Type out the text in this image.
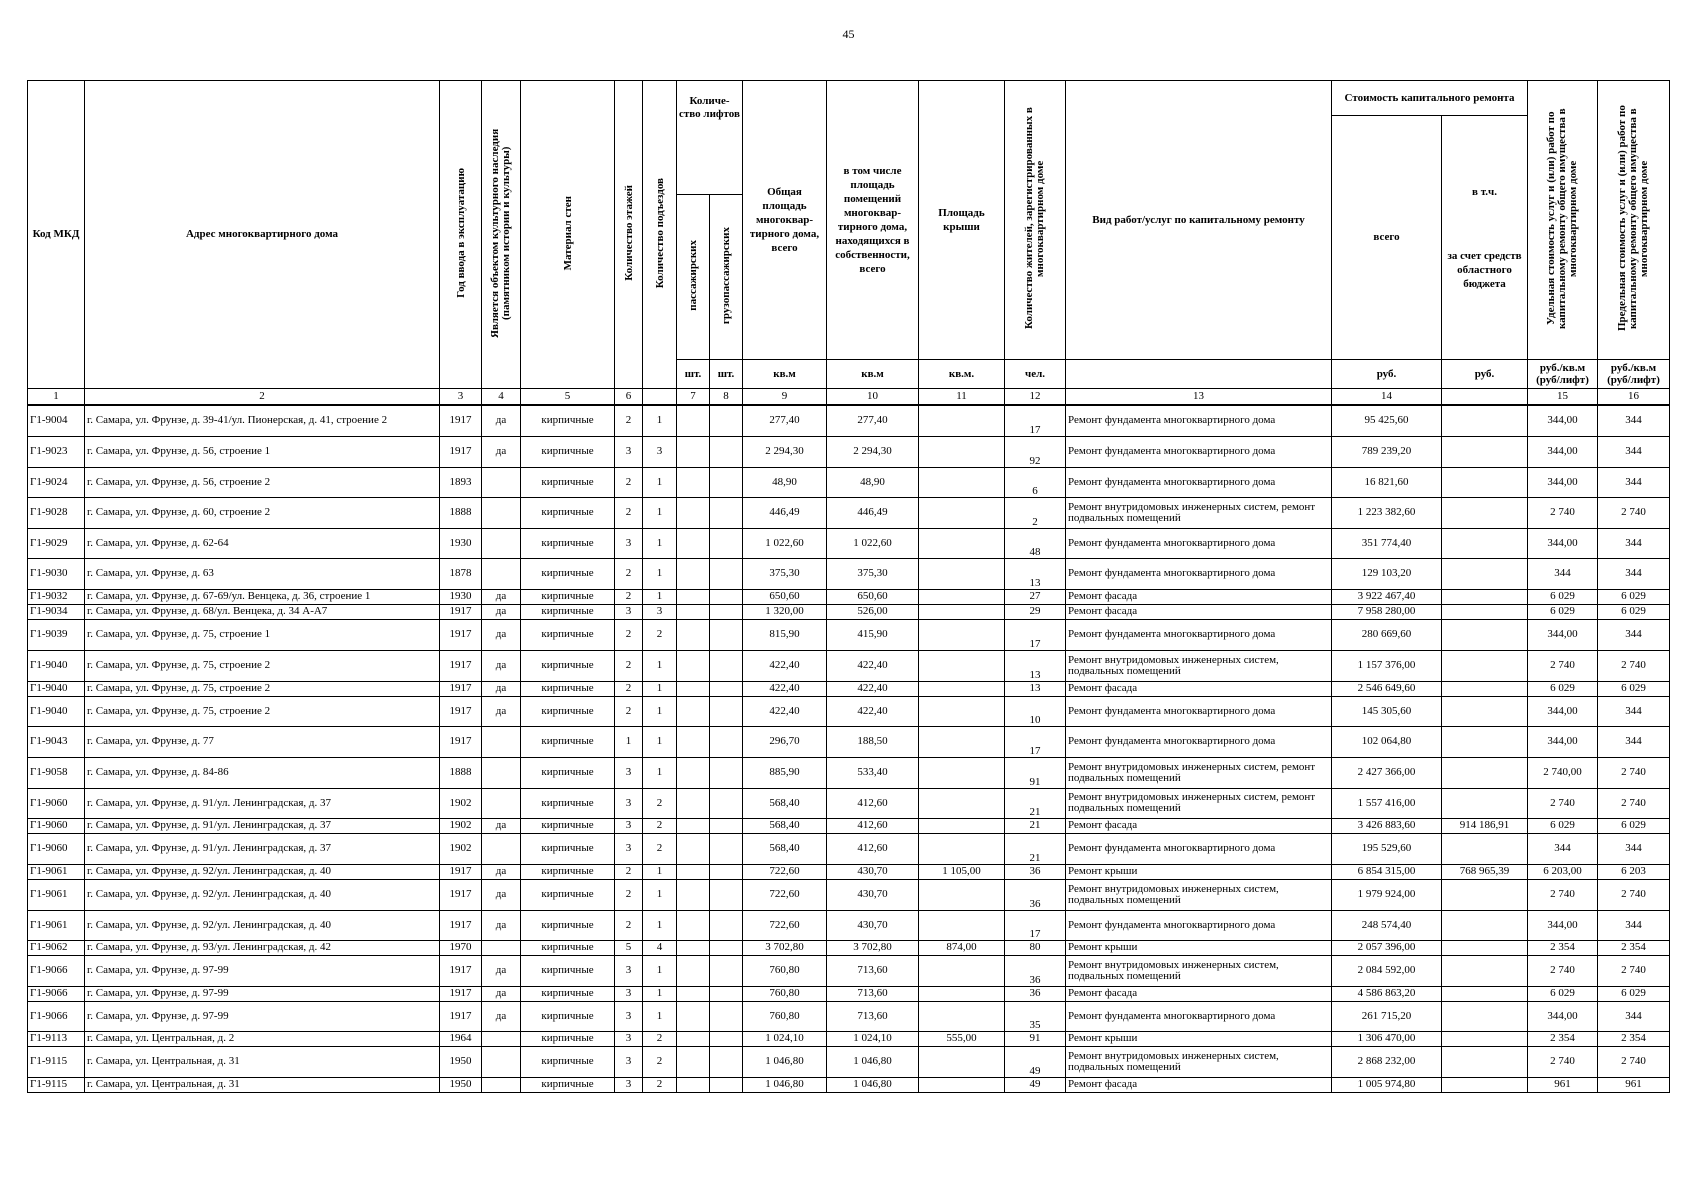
45
Код МКД	Адрес многоквартирного дома	Год ввода в эксплуатацию	Является объектом культурного наследия (памятником истории и культуры)	Материал стен	Количество этажей	Количество подъездов	Количе-ство лифтов		Общая площадь многоквар-тирного дома, всего	в том числе площадь помещений многоквар-тирного дома, находящихся в собственности, всего	Площадь крыши	Количество жителей, зарегистрированных в многоквартирном доме	Вид работ/услуг по капитальному ремонту	Стоимость капитального ремонта		Удельная стоимость услуг и (или) работ по капитальному ремонту общего имущества в многоквартирном доме	Предельная стоимость услуг и (или) работ по капитальному ремонту общего имущества в многоквартирном доме
														всего	в т.ч.
за счет средств областного бюджета		

							пассажирских	грузопассажирских									
							шт.	шт.	кв.м	кв.м	кв.м.	чел.		руб.	руб.	руб./кв.м (руб/лифт)	руб./кв.м (руб/лифт)
1	2	3	4	5	6		7	8	9	10	11	12	13	14		15	16
Г1-9004	г. Самара, ул. Фрунзе, д. 39-41/ул. Пионерская, д. 41, строение 2	1917	да	кирпичные	2	1			277,40	277,40		17	Ремонт фундамента многоквартирного дома	95 425,60		344,00	344
Г1-9023	г. Самара, ул. Фрунзе, д. 56, строение 1	1917	да	кирпичные	3	3			2 294,30	2 294,30		92	Ремонт фундамента многоквартирного дома	789 239,20		344,00	344
Г1-9024	г. Самара, ул. Фрунзе, д. 56, строение 2	1893		кирпичные	2	1			48,90	48,90		6	Ремонт фундамента многоквартирного дома	16 821,60		344,00	344
Г1-9028	г. Самара, ул. Фрунзе, д. 60, строение 2	1888		кирпичные	2	1			446,49	446,49		2	Ремонт внутридомовых инженерных систем, ремонт подвальных помещений	1 223 382,60		2 740	2 740
Г1-9029	г. Самара, ул. Фрунзе, д. 62-64	1930		кирпичные	3	1			1 022,60	1 022,60		48	Ремонт фундамента многоквартирного дома	351 774,40		344,00	344
Г1-9030	г. Самара, ул. Фрунзе, д. 63	1878		кирпичные	2	1			375,30	375,30		13	Ремонт фундамента многоквартирного дома	129 103,20		344	344
Г1-9032	г. Самара, ул. Фрунзе, д. 67-69/ул. Венцека, д. 36, строение 1	1930	да	кирпичные	2	1			650,60	650,60		27	Ремонт фасада	3 922 467,40		6 029	6 029
Г1-9034	г. Самара, ул. Фрунзе, д. 68/ул. Венцека, д. 34 А-А7	1917	да	кирпичные	3	3			1 320,00	526,00		29	Ремонт фасада	7 958 280,00		6 029	6 029
Г1-9039	г. Самара, ул. Фрунзе, д. 75, строение 1	1917	да	кирпичные	2	2			815,90	415,90		17	Ремонт фундамента многоквартирного дома	280 669,60		344,00	344
Г1-9040	г. Самара, ул. Фрунзе, д. 75, строение 2	1917	да	кирпичные	2	1			422,40	422,40		13	Ремонт внутридомовых инженерных систем, подвальных помещений	1 157 376,00		2 740	2 740
Г1-9040	г. Самара, ул. Фрунзе, д. 75, строение 2	1917	да	кирпичные	2	1			422,40	422,40		13	Ремонт фасада	2 546 649,60		6 029	6 029
Г1-9040	г. Самара, ул. Фрунзе, д. 75, строение 2	1917	да	кирпичные	2	1			422,40	422,40		10	Ремонт фундамента многоквартирного дома	145 305,60		344,00	344
Г1-9043	г. Самара, ул. Фрунзе, д. 77	1917		кирпичные	1	1			296,70	188,50		17	Ремонт фундамента многоквартирного дома	102 064,80		344,00	344
Г1-9058	г. Самара, ул. Фрунзе, д. 84-86	1888		кирпичные	3	1			885,90	533,40		91	Ремонт внутридомовых инженерных систем, ремонт подвальных помещений	2 427 366,00		2 740,00	2 740
Г1-9060	г. Самара, ул. Фрунзе, д. 91/ул. Ленинградская, д. 37	1902		кирпичные	3	2			568,40	412,60		21	Ремонт внутридомовых инженерных систем, ремонт подвальных помещений	1 557 416,00		2 740	2 740
Г1-9060	г. Самара, ул. Фрунзе, д. 91/ул. Ленинградская, д. 37	1902	да	кирпичные	3	2			568,40	412,60		21	Ремонт фасада	3 426 883,60	914 186,91	6 029	6 029
Г1-9060	г. Самара, ул. Фрунзе, д. 91/ул. Ленинградская, д. 37	1902		кирпичные	3	2			568,40	412,60		21	Ремонт фундамента многоквартирного дома	195 529,60		344	344
Г1-9061	г. Самара, ул. Фрунзе, д. 92/ул. Ленинградская, д. 40	1917	да	кирпичные	2	1			722,60	430,70	1 105,00	36	Ремонт крыши	6 854 315,00	768 965,39	6 203,00	6 203
Г1-9061	г. Самара, ул. Фрунзе, д. 92/ул. Ленинградская, д. 40	1917	да	кирпичные	2	1			722,60	430,70		36	Ремонт внутридомовых инженерных систем, подвальных помещений	1 979 924,00		2 740	2 740
Г1-9061	г. Самара, ул. Фрунзе, д. 92/ул. Ленинградская, д. 40	1917	да	кирпичные	2	1			722,60	430,70		17	Ремонт фундамента многоквартирного дома	248 574,40		344,00	344
Г1-9062	г. Самара, ул. Фрунзе, д. 93/ул. Ленинградская, д. 42	1970		кирпичные	5	4			3 702,80	3 702,80	874,00	80	Ремонт крыши	2 057 396,00		2 354	2 354
Г1-9066	г. Самара, ул. Фрунзе, д. 97-99	1917	да	кирпичные	3	1			760,80	713,60		36	Ремонт внутридомовых инженерных систем, подвальных помещений	2 084 592,00		2 740	2 740
Г1-9066	г. Самара, ул. Фрунзе, д. 97-99	1917	да	кирпичные	3	1			760,80	713,60		36	Ремонт фасада	4 586 863,20		6 029	6 029
Г1-9066	г. Самара, ул. Фрунзе, д. 97-99	1917	да	кирпичные	3	1			760,80	713,60		35	Ремонт фундамента многоквартирного дома	261 715,20		344,00	344
Г1-9113	г. Самара, ул. Центральная, д. 2	1964		кирпичные	3	2			1 024,10	1 024,10	555,00	91	Ремонт крыши	1 306 470,00		2 354	2 354
Г1-9115	г. Самара, ул. Центральная, д. 31	1950		кирпичные	3	2			1 046,80	1 046,80		49	Ремонт внутридомовых инженерных систем, подвальных помещений	2 868 232,00		2 740	2 740
Г1-9115	г. Самара, ул. Центральная, д. 31	1950		кирпичные	3	2			1 046,80	1 046,80		49	Ремонт фасада	1 005 974,80		961	961
